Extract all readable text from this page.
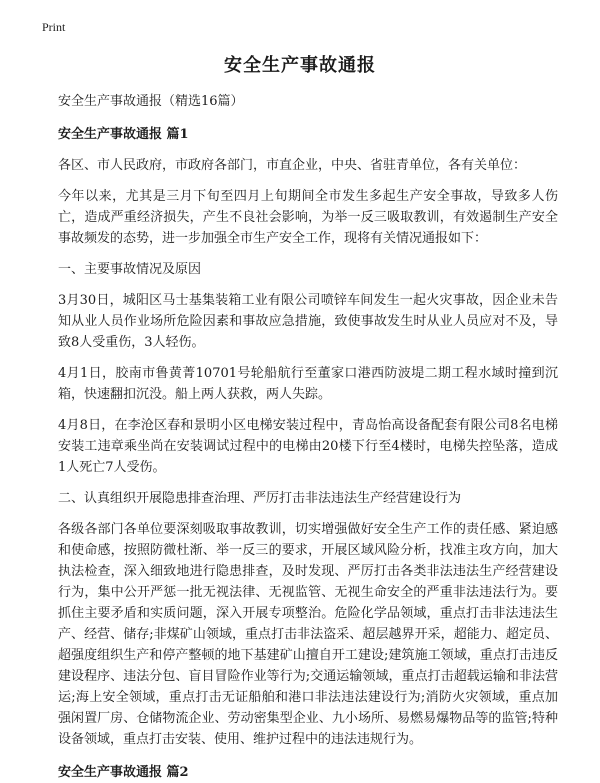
Print
安全生产事故通报

安全生产事故通报（精选16篇）

安全生产事故通报 篇1

各区、市人民政府，市政府各部门，市直企业，中央、省驻青单位，各有关单位：

今年以来，尤其是三月下旬至四月上旬期间全市发生多起生产安全事故，导致多人伤亡，造成严重经济损失，产生不良社会影响，为举一反三吸取教训，有效遏制生产安全事故频发的态势，进一步加强全市生产安全工作，现将有关情况通报如下：

一、主要事故情况及原因

3月30日，城阳区马士基集装箱工业有限公司喷锌车间发生一起火灾事故，因企业未告知从业人员作业场所危险因素和事故应急措施，致使事故发生时从业人员应对不及，导致8人受重伤，3人轻伤。

4月1日，胶南市鲁黄菁10701号轮船航行至董家口港西防波堤二期工程水域时撞到沉箱，快速翻扣沉没。船上两人获救，两人失踪。

4月8日，在李沧区春和景明小区电梯安装过程中，青岛怡高设备配套有限公司8名电梯安装工违章乘坐尚在安装调试过程中的电梯由20楼下行至4楼时，电梯失控坠落，造成1人死亡7人受伤。

二、认真组织开展隐患排查治理、严厉打击非法违法生产经营建设行为

各级各部门各单位要深刻吸取事故教训，切实增强做好安全生产工作的责任感、紧迫感和使命感，按照防微杜渐、举一反三的要求，开展区域风险分析，找准主攻方向，加大执法检查，深入细致地进行隐患排查，及时发现、严厉打击各类非法违法生产经营建设行为，集中公开严惩一批无视法律、无视监管、无视生命安全的严重非法违法行为。要抓住主要矛盾和实质问题，深入开展专项整治。危险化学品领域，重点打击非法违法生产、经营、储存;非煤矿山领域，重点打击非法盗采、超层越界开采，超能力、超定员、超强度组织生产和停产整顿的地下基建矿山擅自开工建设;建筑施工领域，重点打击违反建设程序、违法分包、盲目冒险作业等行为;交通运输领域，重点打击超载运输和非法营运;海上安全领域，重点打击无证船舶和港口非法违法建设行为;消防火灾领域，重点加强闲置厂房、仓储物流企业、劳动密集型企业、九小场所、易燃易爆物品等的监管;特种设备领域，重点打击安装、使用、维护过程中的违法违规行为。

安全生产事故通报 篇2
